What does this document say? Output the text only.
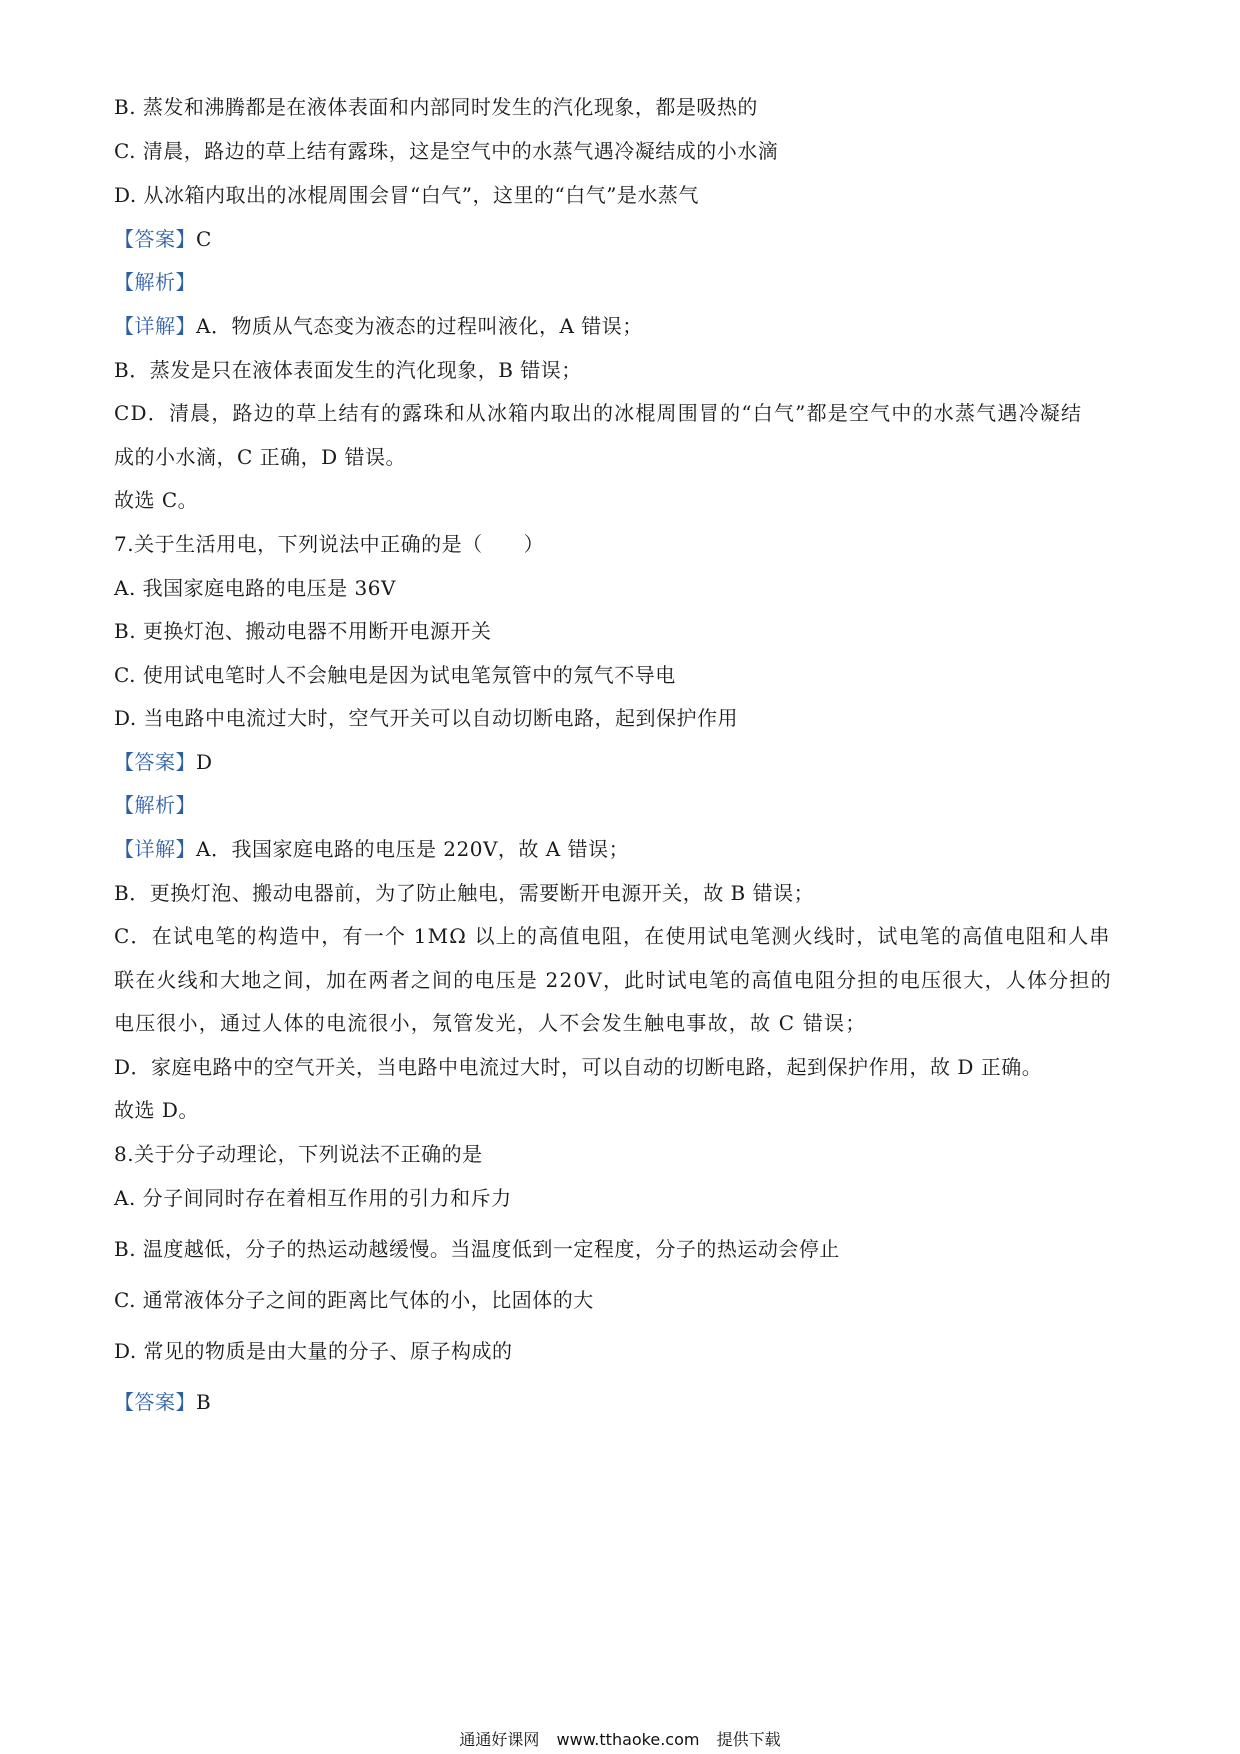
B. 蒸发和沸腾都是在液体表面和内部同时发生的汽化现象，都是吸热的
C. 清晨，路边的草上结有露珠，这是空气中的水蒸气遇冷凝结成的小水滴
D. 从冰箱内取出的冰棍周围会冒“白气”，这里的“白气”是水蒸气
【答案】C
【解析】
【详解】A．物质从气态变为液态的过程叫液化，A 错误；
B．蒸发是只在液体表面发生的汽化现象，B 错误；
CD．清晨，路边的草上结有的露珠和从冰箱内取出的冰棍周围冒的“白气”都是空气中的水蒸气遇冷凝结
成的小水滴，C 正确，D 错误。
故选 C。
7.关于生活用电，下列说法中正确的是（　　）
A. 我国家庭电路的电压是 36V
B. 更换灯泡、搬动电器不用断开电源开关
C. 使用试电笔时人不会触电是因为试电笔氖管中的氖气不导电
D. 当电路中电流过大时，空气开关可以自动切断电路，起到保护作用
【答案】D
【解析】
【详解】A．我国家庭电路的电压是 220V，故 A 错误；
B．更换灯泡、搬动电器前，为了防止触电，需要断开电源开关，故 B 错误；
C．在试电笔的构造中，有一个 1MΩ 以上的高值电阻，在使用试电笔测火线时，试电笔的高值电阻和人串
联在火线和大地之间，加在两者之间的电压是 220V，此时试电笔的高值电阻分担的电压很大，人体分担的
电压很小，通过人体的电流很小，氖管发光，人不会发生触电事故，故 C 错误；
D．家庭电路中的空气开关，当电路中电流过大时，可以自动的切断电路，起到保护作用，故 D 正确。
故选 D。
8.关于分子动理论，下列说法不正确的是
A. 分子间同时存在着相互作用的引力和斥力
B. 温度越低，分子的热运动越缓慢。当温度低到一定程度，分子的热运动会停止
C. 通常液体分子之间的距离比气体的小，比固体的大
D. 常见的物质是由大量的分子、原子构成的
【答案】B
通通好课网 www.tthaoke.com 提供下载
